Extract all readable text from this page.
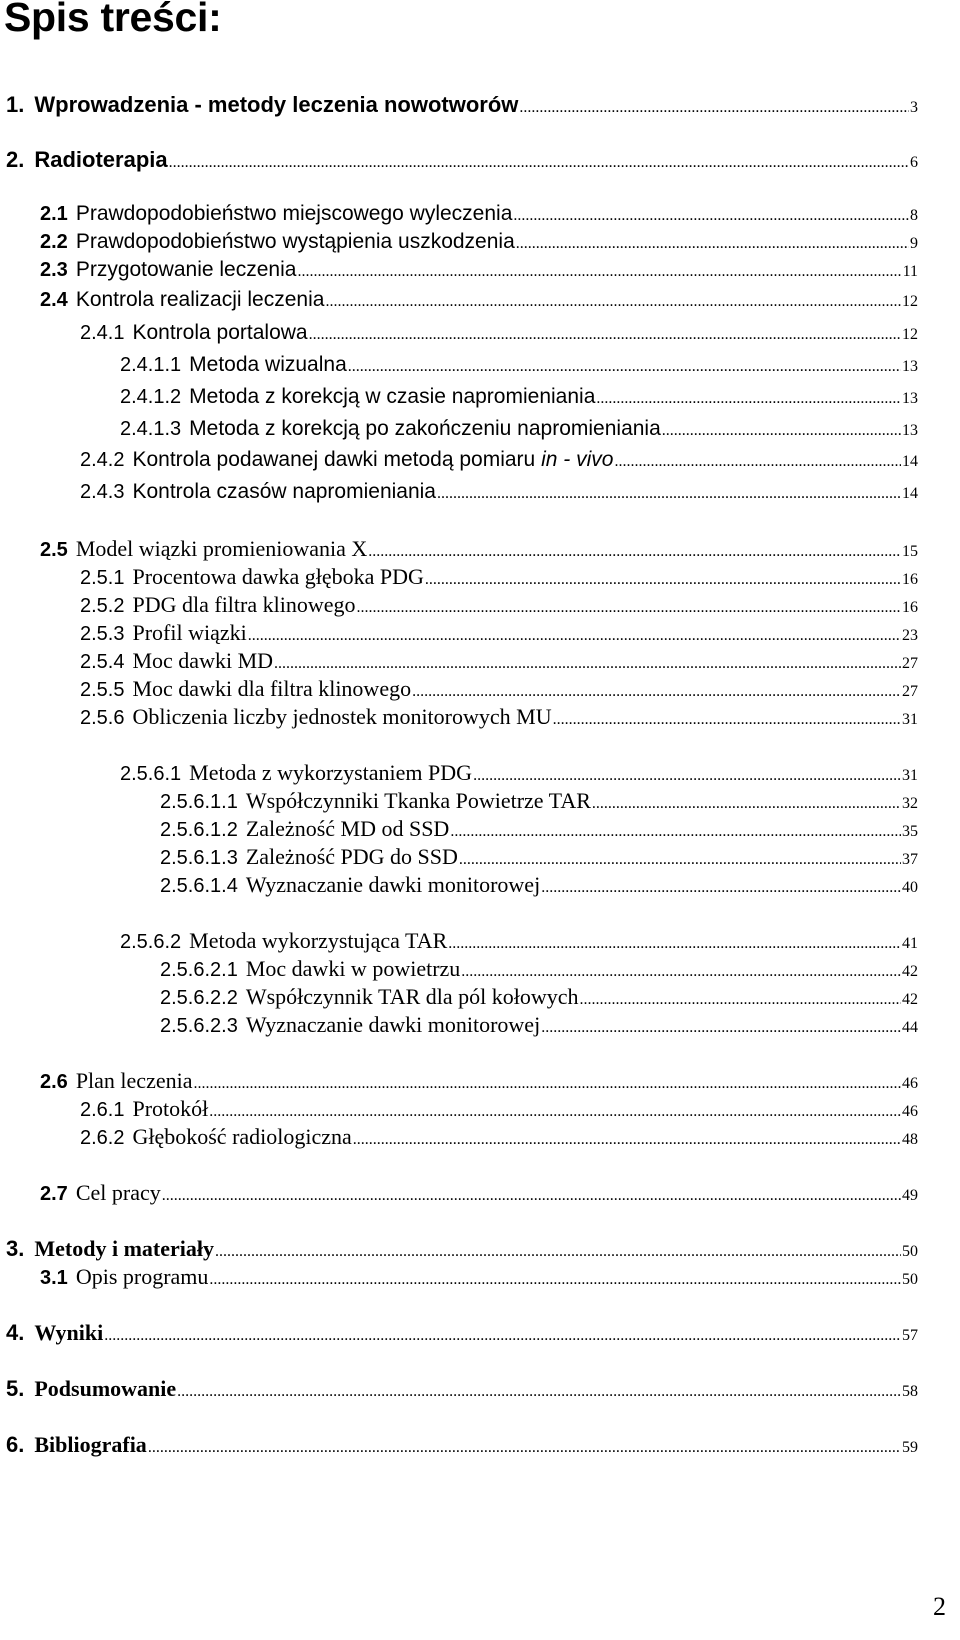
Spis treści:
1. Wprowadzenia - metody leczenia nowotworów .....	3
2. Radioterapia .....	6
2.1 Prawdopodobieństwo miejscowego wyleczenia .....	8
2.2 Prawdopodobieństwo wystąpienia uszkodzenia .....	9
2.3 Przygotowanie leczenia .....	11
2.4 Kontrola realizacji leczenia .....	12
2.4.1 Kontrola portalowa .....	12
2.4.1.1 Metoda wizualna .....	13
2.4.1.2 Metoda z korekcją w czasie napromieniania .....	13
2.4.1.3 Metoda z korekcją po zakończeniu napromieniania .....	13
2.4.2 Kontrola podawanej dawki metodą pomiaru in - vivo .....	14
2.4.3 Kontrola czasów napromieniania .....	14
2.5 Model wiązki promieniowania X .....	15
2.5.1 Procentowa dawka głęboka PDG .....	16
2.5.2 PDG dla filtra klinowego .....	16
2.5.3 Profil wiązki .....	23
2.5.4 Moc dawki MD .....	27
2.5.5 Moc dawki dla filtra klinowego .....	27
2.5.6 Obliczenia liczby jednostek monitorowych MU .....	31
2.5.6.1 Metoda z wykorzystaniem PDG .....	31
2.5.6.1.1 Współczynniki Tkanka Powietrze TAR .....	32
2.5.6.1.2 Zależność MD od SSD .....	35
2.5.6.1.3 Zależność PDG do SSD .....	37
2.5.6.1.4 Wyznaczanie dawki monitorowej .....	40
2.5.6.2 Metoda wykorzystująca TAR .....	41
2.5.6.2.1 Moc dawki w powietrzu .....	42
2.5.6.2.2 Współczynnik TAR dla pól kołowych .....	42
2.5.6.2.3 Wyznaczanie dawki monitorowej .....	44
2.6 Plan leczenia .....	46
2.6.1 Protokół .....	46
2.6.2 Głębokość radiologiczna .....	48
2.7 Cel pracy .....	49
3. Metody i materiały .....	50
3.1 Opis programu .....	50
4. Wyniki .....	57
5. Podsumowanie .....	58
6. Bibliografia .....	59
2
